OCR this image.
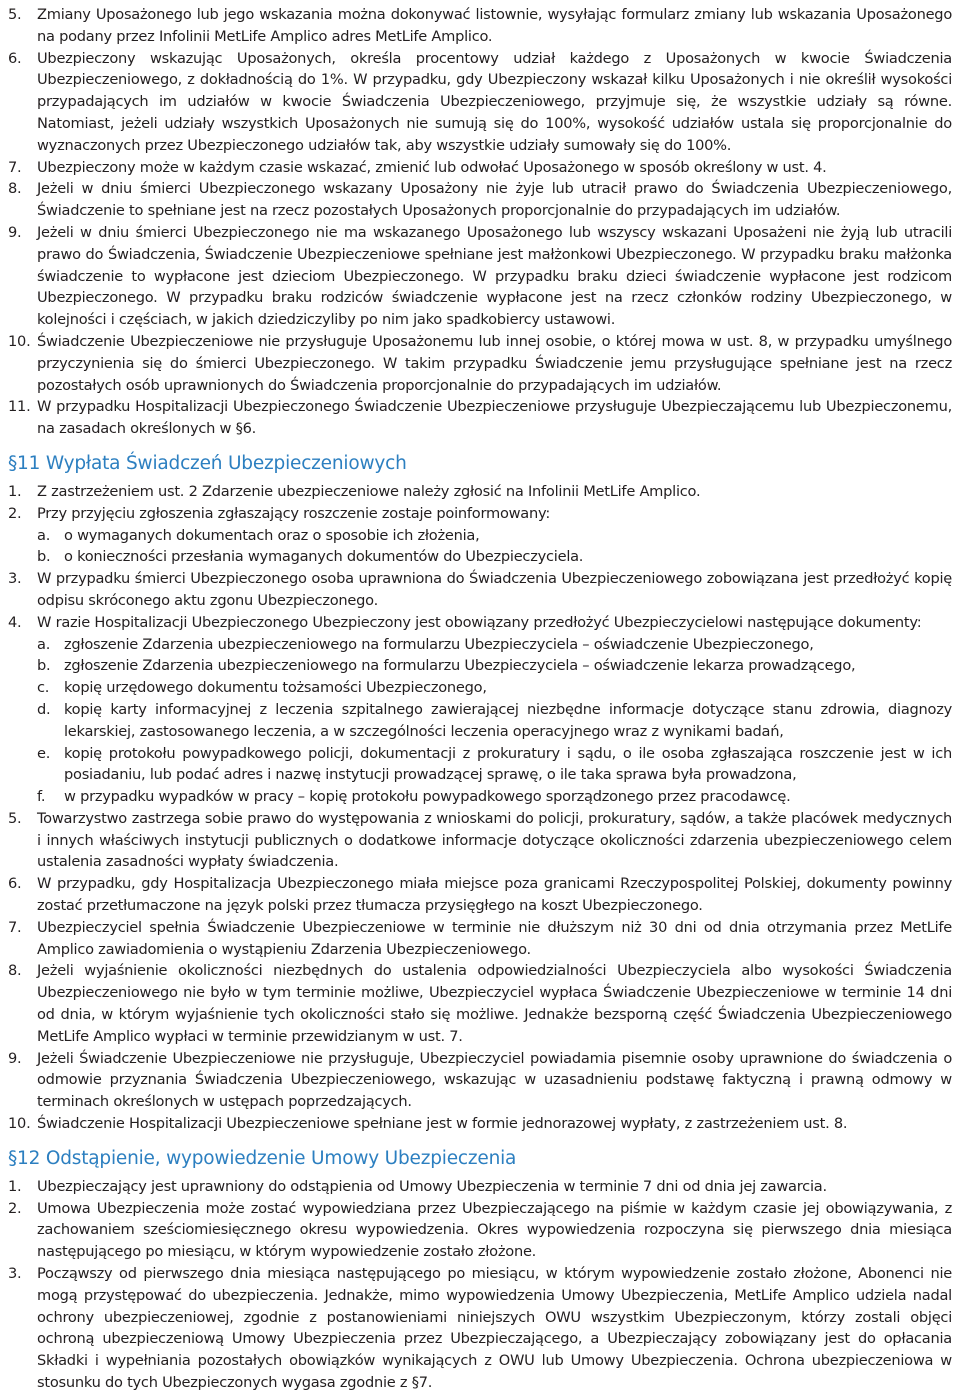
5. Zmiany Uposażonego lub jego wskazania można dokonywać listownie, wysyłając formularz zmiany lub wskazania Uposażonego na podany przez Infolinii MetLife Amplico adres MetLife Amplico.
6. Ubezpieczony wskazując Uposażonych, określa procentowy udział każdego z Uposażonych w kwocie Świadczenia Ubezpieczeniowego, z dokładnością do 1%. W przypadku, gdy Ubezpieczony wskazał kilku Uposażonych i nie określił wysokości przypadających im udziałów w kwocie Świadczenia Ubezpieczeniowego, przyjmuje się, że wszystkie udziały są równe. Natomiast, jeżeli udziały wszystkich Uposażonych nie sumują się do 100%, wysokość udziałów ustala się proporcjonalnie do wyznaczonych przez Ubezpieczonego udziałów tak, aby wszystkie udziały sumowały się do 100%.
7. Ubezpieczony może w każdym czasie wskazać, zmienić lub odwołać Uposażonego w sposób określony w ust. 4.
8. Jeżeli w dniu śmierci Ubezpieczonego wskazany Uposażony nie żyje lub utracił prawo do Świadczenia Ubezpieczeniowego, Świadczenie to spełniane jest na rzecz pozostałych Uposażonych proporcjonalnie do przypadających im udziałów.
9. Jeżeli w dniu śmierci Ubezpieczonego nie ma wskazanego Uposażonego lub wszyscy wskazani Uposażeni nie żyją lub utracili prawo do Świadczenia, Świadczenie Ubezpieczeniowe spełniane jest małżonkowi Ubezpieczonego. W przypadku braku małżonka świadczenie to wypłacone jest dzieciom Ubezpieczonego. W przypadku braku dzieci świadczenie wypłacone jest rodzicom Ubezpieczonego. W przypadku braku rodziców świadczenie wypłacone jest na rzecz członków rodziny Ubezpieczonego, w kolejności i częściach, w jakich dziedziczyliby po nim jako spadkobiercy ustawowi.
10. Świadczenie Ubezpieczeniowe nie przysługuje Uposażonemu lub innej osobie, o której mowa w ust. 8, w przypadku umyślnego przyczynienia się do śmierci Ubezpieczonego. W takim przypadku Świadczenie jemu przysługujące spełniane jest na rzecz pozostałych osób uprawnionych do Świadczenia proporcjonalnie do przypadających im udziałów.
11. W przypadku Hospitalizacji Ubezpieczonego Świadczenie Ubezpieczeniowe przysługuje Ubezpieczającemu lub Ubezpieczonemu, na zasadach określonych w §6.
§11 Wypłata Świadczeń Ubezpieczeniowych
1. Z zastrzeżeniem ust. 2 Zdarzenie ubezpieczeniowe należy zgłosić na Infolinii MetLife Amplico.
2. Przy przyjęciu zgłoszenia zgłaszający roszczenie zostaje poinformowany:
a. o wymaganych dokumentach oraz o sposobie ich złożenia,
b. o konieczności przesłania wymaganych dokumentów do Ubezpieczyciela.
3. W przypadku śmierci Ubezpieczonego osoba uprawniona do Świadczenia Ubezpieczeniowego zobowiązana jest przedłożyć kopię odpisu skróconego aktu zgonu Ubezpieczonego.
4. W razie Hospitalizacji Ubezpieczonego Ubezpieczony jest obowiązany przedłożyć Ubezpieczycielowi następujące dokumenty:
a. zgłoszenie Zdarzenia ubezpieczeniowego na formularzu Ubezpieczyciela – oświadczenie Ubezpieczonego,
b. zgłoszenie Zdarzenia ubezpieczeniowego na formularzu Ubezpieczyciela – oświadczenie lekarza prowadzącego,
c. kopię urzędowego dokumentu tożsamości Ubezpieczonego,
d. kopię karty informacyjnej z leczenia szpitalnego zawierającej niezbędne informacje dotyczące stanu zdrowia, diagnozy lekarskiej, zastosowanego leczenia, a w szczególności leczenia operacyjnego wraz z wynikami badań,
e. kopię protokołu powypadkowego policji, dokumentacji z prokuratury i sądu, o ile osoba zgłaszająca roszczenie jest w ich posiadaniu, lub podać adres i nazwę instytucji prowadzącej sprawę, o ile taka sprawa była prowadzona,
f. w przypadku wypadków w pracy – kopię protokołu powypadkowego sporządzonego przez pracodawcę.
5. Towarzystwo zastrzega sobie prawo do występowania z wnioskami do policji, prokuratury, sądów, a także placówek medycznych i innych właściwych instytucji publicznych o dodatkowe informacje dotyczące okoliczności zdarzenia ubezpieczeniowego celem ustalenia zasadności wypłaty świadczenia.
6. W przypadku, gdy Hospitalizacja Ubezpieczonego miała miejsce poza granicami Rzeczypospolitej Polskiej, dokumenty powinny zostać przetłumaczone na język polski przez tłumacza przysięgłego na koszt Ubezpieczonego.
7. Ubezpieczyciel spełnia Świadczenie Ubezpieczeniowe w terminie nie dłuższym niż 30 dni od dnia otrzymania przez MetLife Amplico zawiadomienia o wystąpieniu Zdarzenia Ubezpieczeniowego.
8. Jeżeli wyjaśnienie okoliczności niezbędnych do ustalenia odpowiedzialności Ubezpieczyciela albo wysokości Świadczenia Ubezpieczeniowego nie było w tym terminie możliwe, Ubezpieczyciel wypłaca Świadczenie Ubezpieczeniowe w terminie 14 dni od dnia, w którym wyjaśnienie tych okoliczności stało się możliwe. Jednakże bezsporną część Świadczenia Ubezpieczeniowego MetLife Amplico wypłaci w terminie przewidzianym w ust. 7.
9. Jeżeli Świadczenie Ubezpieczeniowe nie przysługuje, Ubezpieczyciel powiadamia pisemnie osoby uprawnione do świadczenia o odmowie przyznania Świadczenia Ubezpieczeniowego, wskazując w uzasadnieniu podstawę faktyczną i prawną odmowy w terminach określonych w ustępach poprzedzających.
10. Świadczenie Hospitalizacji Ubezpieczeniowe spełniane jest w formie jednorazowej wypłaty, z zastrzeżeniem ust. 8.
§12 Odstąpienie, wypowiedzenie Umowy Ubezpieczenia
1. Ubezpieczający jest uprawniony do odstąpienia od Umowy Ubezpieczenia w terminie 7 dni od dnia jej zawarcia.
2. Umowa Ubezpieczenia może zostać wypowiedziana przez Ubezpieczającego na piśmie w każdym czasie jej obowiązywania, z zachowaniem sześciomiesięcznego okresu wypowiedzenia. Okres wypowiedzenia rozpoczyna się pierwszego dnia miesiąca następującego po miesiącu, w którym wypowiedzenie zostało złożone.
3. Począwszy od pierwszego dnia miesiąca następującego po miesiącu, w którym wypowiedzenie zostało złożone, Abonenci nie mogą przystępować do ubezpieczenia. Jednakże, mimo wypowiedzenia Umowy Ubezpieczenia, MetLife Amplico udziela nadal ochrony ubezpieczeniowej, zgodnie z postanowieniami niniejszych OWU wszystkim Ubezpieczonym, którzy zostali objęci ochroną ubezpieczeniową Umowy Ubezpieczenia przez Ubezpieczającego, a Ubezpieczający zobowiązany jest do opłacania Składki i wypełniania pozostałych obowiązków wynikających z OWU lub Umowy Ubezpieczenia. Ochrona ubezpieczeniowa w stosunku do tych Ubezpieczonych wygasa zgodnie z §7.
